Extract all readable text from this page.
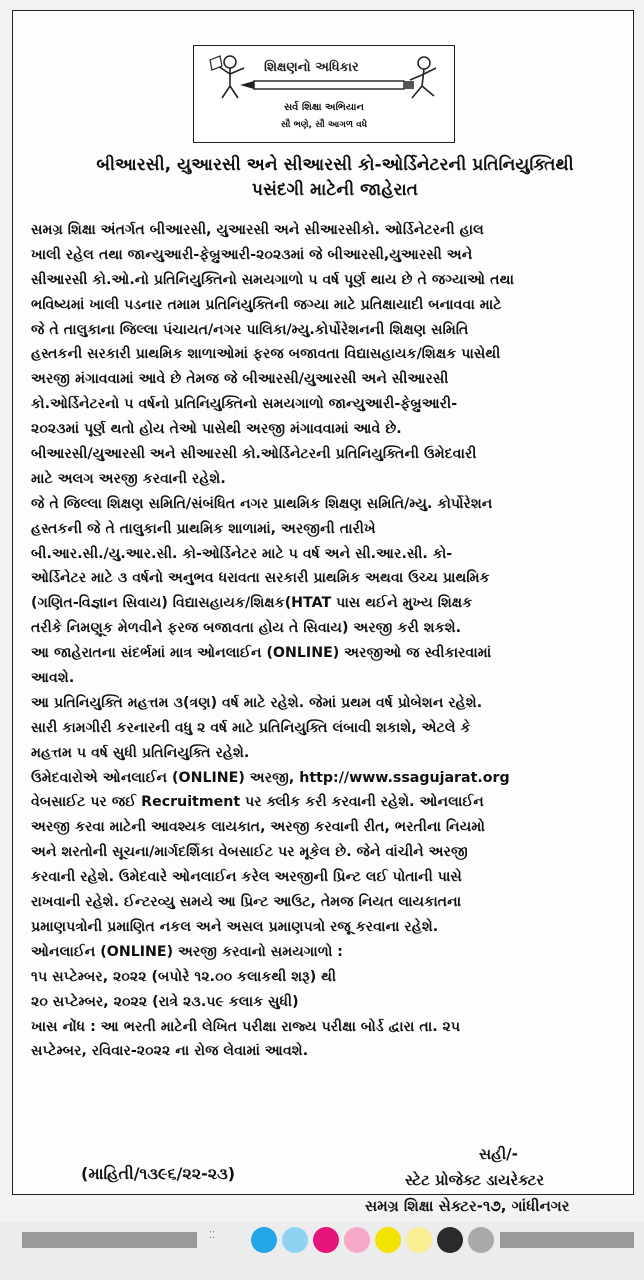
શિક્ષણનો અધિકાર
સર્વ શિક્ષા અભિયાન
સૌ ભણે, સૌ આગળ વધે
બીઆરસી, યુઆરસી અને સીઆરસી કો-ઓર્ડિનેટરની પ્રતિનિયુક્તિથી
પસંદગી માટેની જાહેરાત
સમગ્ર શિક્ષા અંતર્ગત બીઆરસી, યુઆરસી અને સીઆરસીકો. ઓર્ડિનેટરની હાલ
ખાલી રહેલ તથા જાન્યુઆરી-ફેબ્રુઆરી-૨૦૨૩માં જે બીઆરસી,યુઆરસી અને
સીઆરસી કો.ઓ.નો પ્રતિનિયુક્તિનો સમયગાળો ૫ વર્ષ પૂર્ણ થાય છે તે જગ્યાઓ તથા
ભવિષ્યમાં ખાલી પડનાર તમામ પ્રતિનિયુક્તિની જગ્યા માટે પ્રતિક્ષાયાદી બનાવવા માટે
જે તે તાલુકાના જિલ્લા પંચાયત/નગર પાલિકા/મ્યુ.કોર્પોરેશનની શિક્ષણ સમિતિ
હસ્તકની સરકારી પ્રાથમિક શાળાઓમાં ફરજ બજાવતા વિદ્યાસહાયક/શિક્ષક પાસેથી
અરજી મંગાવવામાં આવે છે તેમજ જે બીઆરસી/યુઆરસી અને સીઆરસી
કો.ઓર્ડિનેટરનો ૫ વર્ષનો પ્રતિનિયુક્તિનો સમયગાળો જાન્યુઆરી-ફેબ્રુઆરી-
૨૦૨૩માં પૂર્ણ થતો હોય તેઓ પાસેથી અરજી મંગાવવામાં આવે છે.
બીઆરસી/યુઆરસી અને સીઆરસી કો.ઓર્ડિનેટરની પ્રતિનિયુક્તિની ઉમેદવારી
માટે અલગ અરજી કરવાની રહેશે.
જે તે જિલ્લા શિક્ષણ સમિતિ/સંબંધિત નગર પ્રાથમિક શિક્ષણ સમિતિ/મ્યુ. કોર્પોરેશન
હસ્તકની જે તે તાલુકાની પ્રાથમિક શાળામાં, અરજીની તારીખે
બી.આર.સી./યુ.આર.સી. કો-ઓર્ડિનેટર માટે ૫ વર્ષ અને સી.આર.સી. કો-
ઓર્ડિનેટર માટે ૩ વર્ષનો અનુભવ ધરાવતા સરકારી પ્રાથમિક અથવા ઉચ્ચ પ્રાથમિક
(ગણિત-વિજ્ઞાન સિવાય) વિદ્યાસહાયક/શિક્ષક(HTAT પાસ થઈને મુખ્ય શિક્ષક
તરીકે નિમણૂક મેળવીને ફરજ બજાવતા હોય તે સિવાય) અરજી કરી શકશે.
આ જાહેરાતના સંદર્ભમાં માત્ર ઓનલાઈન (ONLINE) અરજીઓ જ સ્વીકારવામાં
આવશે.
આ પ્રતિનિયુક્તિ મહત્તમ ૩(ત્રણ) વર્ષ માટે રહેશે. જેમાં પ્રથમ વર્ષ પ્રોબેશન રહેશે.
સારી કામગીરી કરનારની વધુ ૨ વર્ષ માટે પ્રતિનિયુક્તિ લંબાવી શકાશે, એટલે કે
મહત્તમ ૫ વર્ષ સુધી પ્રતિનિયુક્તિ રહેશે.
ઉમેદવારોએ ઓનલાઈન (ONLINE) અરજી, http://www.ssagujarat.org
વેબસાઈટ પર જઈ Recruitment પર ક્લીક કરી કરવાની રહેશે. ઓનલાઈન
અરજી કરવા માટેની આવશ્યક લાયકાત, અરજી કરવાની રીત, ભરતીના નિયમો
અને શરતોની સૂચના/માર્ગદર્શિકા વેબસાઈટ પર મૂકેલ છે. જેને વાંચીને અરજી
કરવાની રહેશે. ઉમેદવારે ઓનલાઈન કરેલ અરજીની પ્રિન્ટ લઈ પોતાની પાસે
રાખવાની રહેશે. ઈન્ટરવ્યુ સમયે આ પ્રિન્ટ આઉટ, તેમજ નિયત લાયકાતના
પ્રમાણપત્રોની પ્રમાણિત નકલ અને અસલ પ્રમાણપત્રો રજૂ કરવાના રહેશે.
ઓનલાઈન (ONLINE) અરજી કરવાનો સમયગાળો :
૧૫ સપ્ટેમ્બર, ૨૦૨૨ (બપોરે ૧૨.૦૦ કલાકથી શરૂ) થી
૨૦ સપ્ટેમ્બર, ૨૦૨૨ (રાત્રે ૨૩.૫૯ કલાક સુધી)
ખાસ નોંધ : આ ભરતી માટેની લેખિત પરીક્ષા રાજ્ય પરીક્ષા બોર્ડ દ્વારા તા. ૨૫
સપ્ટેમ્બર, રવિવાર-૨૦૨૨ ના રોજ લેવામાં આવશે.
સહી/-
સ્ટેટ પ્રોજેક્ટ ડાયરેક્ટર
સમગ્ર શિક્ષા સેક્ટર-૧૭, ગાંધીનગર
(માહિતી/૧૩૯૬/૨૨-૨૩)
⁚⁚
